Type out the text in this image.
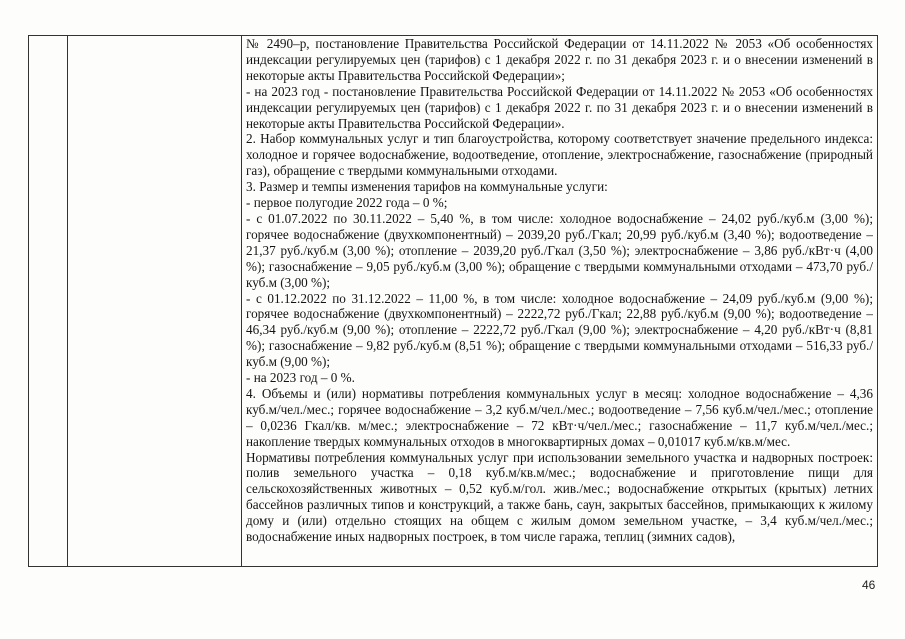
№ 2490–р, постановление Правительства Российской Федерации от 14.11.2022 № 2053 «Об особенностях индексации регулируемых цен (тарифов) с 1 декабря 2022 г. по 31 декабря 2023 г. и о внесении изменений в некоторые акты Правительства Российской Федерации»;

- на 2023 год - постановление Правительства Российской Федерации от 14.11.2022 № 2053 «Об особенностях индексации регулируемых цен (тарифов) с 1 декабря 2022 г. по 31 декабря 2023 г. и о внесении изменений в некоторые акты Правительства Российской Федерации».

2. Набор коммунальных услуг и тип благоустройства, которому соответствует значение предельного индекса: холодное и горячее водоснабжение, водоотведение, отопление, электроснабжение, газоснабжение (природный газ), обращение с твердыми коммунальными отходами.

3. Размер и темпы изменения тарифов на коммунальные услуги:

- первое полугодие 2022 года – 0 %;

- с 01.07.2022 по 30.11.2022 – 5,40 %, в том числе: холодное водоснабжение – 24,02 руб./куб.м (3,00 %); горячее водоснабжение (двухкомпонентный) – 2039,20 руб./Гкал; 20,99 руб./куб.м (3,40 %); водоотведение – 21,37 руб./куб.м (3,00 %); отопление – 2039,20 руб./Гкал (3,50 %); электроснабжение – 3,86 руб./кВт·ч (4,00 %); газоснабжение – 9,05 руб./куб.м (3,00 %); обращение с твердыми коммунальными отходами – 473,70 руб./куб.м (3,00 %);

- с 01.12.2022 по 31.12.2022 – 11,00 %, в том числе: холодное водоснабжение – 24,09 руб./куб.м (9,00 %); горячее водоснабжение (двухкомпонентный) – 2222,72 руб./Гкал; 22,88 руб./куб.м (9,00 %); водоотведение – 46,34 руб./куб.м (9,00 %); отопление – 2222,72 руб./Гкал (9,00 %); электроснабжение – 4,20 руб./кВт·ч (8,81 %); газоснабжение – 9,82 руб./куб.м (8,51 %); обращение с твердыми коммунальными отходами – 516,33 руб./куб.м (9,00 %);

- на 2023 год – 0 %.

4. Объемы и (или) нормативы потребления коммунальных услуг в месяц: холодное водоснабжение – 4,36 куб.м/чел./мес.; горячее водоснабжение – 3,2 куб.м/чел./мес.; водоотведение – 7,56 куб.м/чел./мес.; отопление – 0,0236 Гкал/кв. м/мес.; электроснабжение – 72 кВт·ч/чел./мес.; газоснабжение – 11,7 куб.м/чел./мес.; накопление твердых коммунальных отходов в многоквартирных домах – 0,01017 куб.м/кв.м/мес.

Нормативы потребления коммунальных услуг при использовании земельного участка и надворных построек: полив земельного участка – 0,18 куб.м/кв.м/мес.; водоснабжение и приготовление пищи для сельскохозяйственных животных – 0,52 куб.м/гол. жив./мес.; водоснабжение открытых (крытых) летних бассейнов различных типов и конструкций, а также бань, саун, закрытых бассейнов, примыкающих к жилому дому и (или) отдельно стоящих на общем с жилым домом земельном участке, – 3,4 куб.м/чел./мес.; водоснабжение иных надворных построек, в том числе гаража, теплиц (зимних садов),

46
